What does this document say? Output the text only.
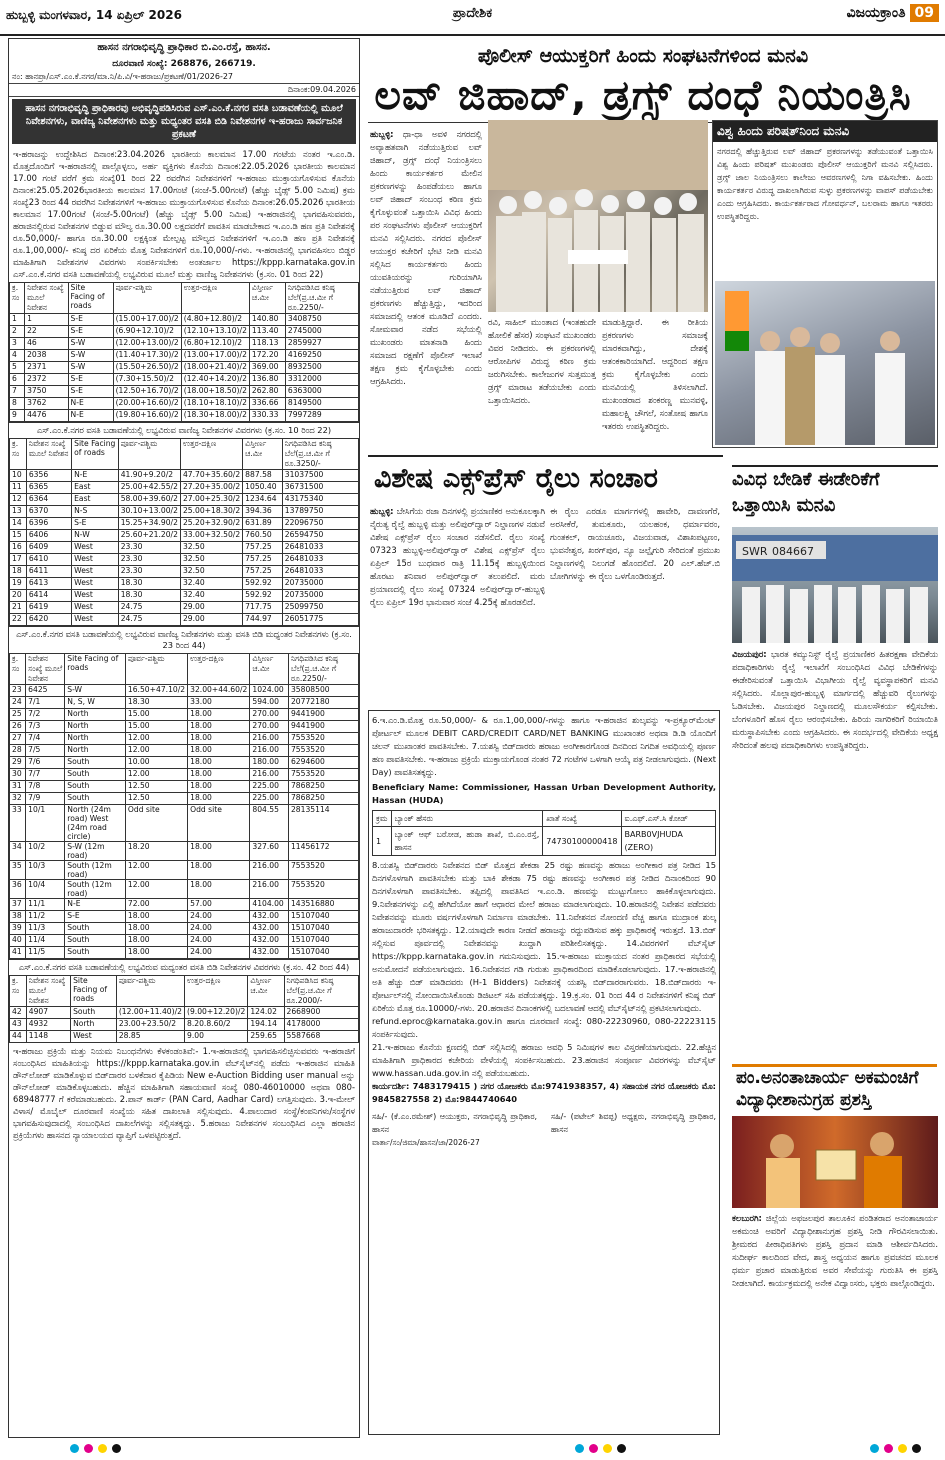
ಹುಬ್ಬಳ್ಳಿ ಮಂಗಳವಾರ, 14 ಏಪ್ರಿಲ್ 2026	ಪ್ರಾದೇಶಿಕ	ವಿಜಯಕ್ರಾಂತಿ 09
ಹಾಸನ ನಗರಾಭಿವೃದ್ಧಿ ಪ್ರಾಧಿಕಾರ ಬಿ.ಎಂ.ರಸ್ತೆ, ಹಾಸನ.
ದೂರವಾಣಿ ಸಂಖ್ಯೆ: 268876, 266719.
ನಂ: ಹಾನಪ್ರಾ/ಎಸ್.ಎಂ.ಕೆ.ನಗರ/ಮಾ.ನಿ/ಪಿ.ವಿ/ಇ-ಹರಾಜು/ಪ್ರಕಟಣೆ/01/2026-27
ದಿನಾಂಕ:09.04.2026
ಹಾಸನ ನಗರಾಭಿವೃದ್ಧಿ ಪ್ರಾಧಿಕಾರವು ಅಭಿವೃದ್ಧಿಪಡಿಸಿರುವ ಎಸ್.ಎಂ.ಕೆ.ನಗರ ವಸತಿ ಬಡಾವಣೆಯಲ್ಲಿ ಮೂಲೆ ನಿವೇಶನಗಳು, ವಾಣಿಜ್ಯ ನಿವೇಶನಗಳು ಮತ್ತು ಮಧ್ಯಂತರ ವಸತಿ ಬಿಡಿ ನಿವೇಶನಗಳ ಇ-ಹರಾಜು ಸಾರ್ವಜನಿಕ ಪ್ರಕಟಣೆ
ಇ-ಹರಾಜನ್ನು ಉದ್ದೇಶಿಸಿದ ದಿನಾಂಕ:23.04.2026 ಭಾರತೀಯ ಕಾಲಮಾನ 17.00 ಗಂಟೆಯ ನಂತರ ಇ.ಎಂ.ಡಿ. ಮೊತ್ತದೊಂದಿಗೆ ಇ-ಹರಾಜಿನಲ್ಲಿ ಪಾಲ್ಗೊಳ್ಳಲು, ಅರ್ಹ ವ್ಯಕ್ತಿಗಳು ಕೊನೆಯ ದಿನಾಂಕ:22.05.2026 ಭಾರತೀಯ ಕಾಲಮಾನ 17.00 ಗಂಟೆ ವರೆಗೆ ಕ್ರಮ ಸಂಖ್ಯೆ01 ರಿಂದ 22 ರವರೆಗಿನ ನಿವೇಶನಗಳಿಗೆ ಇ-ಹರಾಜು ಮುಕ್ತಾಯಗೊಳಿಸುವ ಕೊನೆಯ ದಿನಾಂಕ:25.05.2026ಭಾರತೀಯ ಕಾಲಮಾನ 17.00ಗಂಟೆ (ಸಂಜೆ-5.00ಗಂಟೆ) (ಹೆಚ್ಚು ಬೈಡ್ಸ್ 5.00 ನಿಮಿಷ) ಕ್ರಮ ಸಂಖ್ಯೆ23 ರಿಂದ 44 ರವರೆಗಿನ ನಿವೇಶನಗಳಿಗೆ ಇ-ಹರಾಜು ಮುಕ್ತಾಯಗೊಳಿಸುವ ಕೊನೆಯ ದಿನಾಂಕ:26.05.2026 ಭಾರತೀಯ ಕಾಲಮಾನ 17.00ಗಂಟೆ (ಸಂಜೆ-5.00ಗಂಟೆ) (ಹೆಚ್ಚು ಬೈಡ್ಸ್ 5.00 ನಿಮಿಷ) ಇ-ಹರಾಜಿನಲ್ಲಿ ಭಾಗವಹಿಸುವವರು, ಹರಾಜಿನಲ್ಲಿರುವ ನಿವೇಶನಗಳ ಬಿಡ್ಡುವ ಮೌಲ್ಯ ರೂ.30.00 ಲಕ್ಷದವರೆಗೆ ಪಾವತಿಸ ಮಾಡಬೇಕಾದ ಇ.ಎಂ.ಡಿ ಹಣ ಪ್ರತಿ ನಿವೇಶನಕ್ಕೆ ರೂ.50,000/- ಹಾಗೂ ರೂ.30.00 ಲಕ್ಷಕ್ಕಿಂತ ಮೇಲ್ಪಟ್ಟ ಮೌಲ್ಯದ ನಿವೇಶನಗಳಿಗೆ ಇ.ಎಂ.ಡಿ ಹಣ ಪ್ರತಿ ನಿವೇಶನಕ್ಕೆ ರೂ.1,00,000/- ಕನಿಷ್ಠ ದರ ಏರಿಕೆಯ ಮೊತ್ತ ನಿವೇಶನಗಳಿಗೆ ರೂ.10,000/-ಗಳು. ಇ-ಹರಾಜಿನಲ್ಲಿ ಭಾಗವಹಿಸಲು ಬಿಡ್ಡರ ಮಾಹಿತಿಗಾಗಿ ನಿವೇಶನಗಳ ವಿವರಗಳು ಸಂಪರ್ಕಿಸಬೇಕು ಅಂತರ್ಜಾಲ https://kppp.karnataka.gov.in ಎಸ್.ಎಂ.ಕೆ.ನಗರ ವಸತಿ ಬಡಾವಣೆಯಲ್ಲಿ ಲಭ್ಯವಿರುವ ಮೂಲೆ ಮತ್ತು ವಾಣಿಜ್ಯ ನಿವೇಶನಗಳು (ಕ್ರ.ಸಂ. 01 ರಿಂದ 22)
ಕ್ರ. ಸಂ	ನಿವೇಶನ ಸಂಖ್ಯೆ ಮೂಲೆ ನಿವೇಶನ	Site Facing of roads	ಪೂರ್ವ-ಪಶ್ಚಿಮ	ಉತ್ತರ-ದಕ್ಷಿಣ	ವಿಸ್ತೀರ್ಣ ಚ.ಮೀ	ನಿಗಧಿಪಡಿಸಿದ ಕನಿಷ್ಠ ಬೆಲೆ(ಪ್ರ.ಚ.ಮೀ ಗೆ ರೂ.2250/-
1	1	S-E	(15.00+17.00)/2	(4.80+12.80)/2	140.80	3408750
2	22	S-E	(6.90+12.10)/2	(12.10+13.10)/2	113.40	2745000
3	46	S-W	(12.00+13.00)/2	(6.80+12.10)/2	118.13	2859927
4	2038	S-W	(11.40+17.30)/2	(13.00+17.00)/2	172.20	4169250
5	2371	S-W	(15.50+26.50)/2	(18.00+21.40)/2	369.00	8932500
6	2372	S-E	(7.30+15.50)/2	(12.40+14.20)/2	136.80	3312000
7	3750	S-E	(12.50+16.70)/2	(18.00+18.50)/2	262.80	6363000
8	3762	N-E	(20.00+16.60)/2	(18.10+18.10)/2	336.66	8149500
9	4476	N-E	(19.80+16.60)/2	(18.30+18.00)/2	330.33	7997289
ಎಸ್.ಎಂ.ಕೆ.ನಗರ ವಸತಿ ಬಡಾವಣೆಯಲ್ಲಿ ಲಭ್ಯವಿರುವ ವಾಣಿಜ್ಯ ನಿವೇಶನಗಳ ವಿವರಗಳು (ಕ್ರ.ಸಂ. 10 ರಿಂದ 22)
ಕ್ರ. ಸಂ	ನಿವೇಶನ ಸಂಖ್ಯೆ ಮೂಲೆ ನಿವೇಶನ	Site Facing of roads	ಪೂರ್ವ-ಪಶ್ಚಿಮ	ಉತ್ತರ-ದಕ್ಷಿಣ	ವಿಸ್ತೀರ್ಣ ಚ.ಮೀ	ನಿಗಧಿಪಡಿಸಿದ ಕನಿಷ್ಠ ಬೆಲೆ(ಪ್ರ.ಚ.ಮೀ ಗೆ ರೂ.3250/-
10	6356	N-E	41.90+9.20/2	47.70+35.60/2	887.58	31037500
11	6365	East	25.00+42.55/2	27.20+35.00/2	1050.40	36731500
12	6364	East	58.00+39.60/2	27.00+25.30/2	1234.64	43175340
13	6370	N-S	30.10+13.00/2	25.00+18.30/2	394.36	13789750
14	6396	S-E	15.25+34.90/2	25.20+32.90/2	631.89	22096750
15	6406	N-W	25.60+21.20/2	33.00+32.50/2	760.50	26594750
16	6409	West	23.30	32.50	757.25	26481033
17	6410	West	23.30	32.50	757.25	26481033
18	6411	West	23.30	32.50	757.25	26481033
19	6413	West	18.30	32.40	592.92	20735000
20	6414	West	18.30	32.40	592.92	20735000
21	6419	West	24.75	29.00	717.75	25099750
22	6420	West	24.75	29.00	744.97	26051775
ಎಸ್.ಎಂ.ಕೆ.ನಗರ ವಸತಿ ಬಡಾವಣೆಯಲ್ಲಿ ಲಭ್ಯವಿರುವ ವಾಣಿಜ್ಯ ನಿವೇಶನಗಳು ಮತ್ತು ವಸತಿ ಬಿಡಿ ಮಧ್ಯಂತರ ನಿವೇಶನಗಳು (ಕ್ರ.ಸಂ. 23 ರಿಂದ 44)
ಕ್ರ. ಸಂ	ನಿವೇಶನ ಸಂಖ್ಯೆ ಮೂಲೆ ನಿವೇಶನ	Site Facing of roads	ಪೂರ್ವ-ಪಶ್ಚಿಮ	ಉತ್ತರ-ದಕ್ಷಿಣ	ವಿಸ್ತೀರ್ಣ ಚ.ಮೀ	ನಿಗಧಿಪಡಿಸಿದ ಕನಿಷ್ಠ ಬೆಲೆ(ಪ್ರ.ಚ.ಮೀ ಗೆ ರೂ.2250/-
23	6425	S-W	16.50+47.10/2	32.00+44.60/2	1024.00	35808500
24	7/1	N, S, W	18.30	33.00	594.00	20772180
25	7/2	North	15.00	18.00	270.00	9441900
26	7/3	North	15.00	18.00	270.00	9441900
27	7/4	North	12.00	18.00	216.00	7553520
28	7/5	North	12.00	18.00	216.00	7553520
29	7/6	South	10.00	18.00	180.00	6294600
30	7/7	South	12.00	18.00	216.00	7553520
31	7/8	South	12.50	18.00	225.00	7868250
32	7/9	South	12.50	18.00	225.00	7868250
33	10/1	North (24m road) West (24m road circle)	Odd site	Odd site	804.55	28135114
34	10/2	S-W (12m road)	18.20	18.00	327.60	11456172
35	10/3	South (12m road)	12.00	18.00	216.00	7553520
36	10/4	South (12m road)	12.00	18.00	216.00	7553520
37	11/1	N-E	72.00	57.00	4104.00	143516880
38	11/2	S-E	18.00	24.00	432.00	15107040
39	11/3	South	18.00	24.00	432.00	15107040
40	11/4	South	18.00	24.00	432.00	15107040
41	11/5	South	18.00	24.00	432.00	15107040
ಎಸ್.ಎಂ.ಕೆ.ನಗರ ವಸತಿ ಬಡಾವಣೆಯಲ್ಲಿ ಲಭ್ಯವಿರುವ ಮಧ್ಯಂತರ ವಸತಿ ಬಿಡಿ ನಿವೇಶನಗಳ ವಿವರಗಳು (ಕ್ರ.ಸಂ. 42 ರಿಂದ 44)
ಕ್ರ. ಸಂ	ನಿವೇಶನ ಸಂಖ್ಯೆ ಮೂಲೆ ನಿವೇಶನ	Site Facing of roads	ಪೂರ್ವ-ಪಶ್ಚಿಮ	ಉತ್ತರ-ದಕ್ಷಿಣ	ವಿಸ್ತೀರ್ಣ ಚ.ಮೀ	ನಿಗಧಿಪಡಿಸಿದ ಕನಿಷ್ಠ ಬೆಲೆ(ಪ್ರ.ಚ.ಮೀ ಗೆ ರೂ.2000/-
42	4907	South	(12.00+11.40)/2	(9.00+12.20)/2	124.02	2668900
43	4932	North	23.00+23.50/2	8.20.8.60/2	194.14	4178000
44	1148	West	28.85	9.00	259.65	5587668
ಇ-ಹರಾಜು ಪ್ರಕ್ರಿಯೆ ಮತ್ತು ನಿಯಮ ನಿಬಂಧನೆಗಳು ಕೆಳಕಂಡಂತಿವೆ:- 1.ಇ-ಹರಾಜಿನಲ್ಲಿ ಭಾಗವಹಿಸಲಿಚ್ಛಿಸುವವರು ಇ-ಹರಾಜಿಗೆ ಸಂಬಂಧಿಸಿದ ಮಾಹಿತಿಯನ್ನು https://kppp.karnataka.gov.in ವೆಬ್‌ಸೈಟ್‌ನಲ್ಲಿ ಪಡೆದು ಇ-ಹರಾಜಿನ ಮಾಹಿತಿ ಡೌನ್‌ಲೋಡ್ ಮಾಡಿಕೊಳ್ಳುವ ಬಿಡ್‌ದಾರರ ಬಳಕೆದಾರ ಕೈಪಿಡಿಯ New e-Auction Bidding user manual ಅನ್ನು ಡೌನ್‌ಲೋಡ್ ಮಾಡಿಕೊಳ್ಳಬಹುದು. ಹೆಚ್ಚಿನ ಮಾಹಿತಿಗಾಗಿ ಸಹಾಯವಾಣಿ ಸಂಖ್ಯೆ 080-46010000 ಅಥವಾ 080-68948777 ಗೆ ಕರೆಮಾಡಬಹುದು. 2.ಪಾನ್ ಕಾರ್ಡ್ (PAN Card, Aadhar Card) ಲಗತ್ತಿಸುವುದು. 3.ಇ-ಮೇಲ್ ವಿಳಾಸ/ ಮೊಬೈಲ್ ದೂರವಾಣಿ ಸಂಖ್ಯೆಯ ಸಹಿತ ದಾಖಲಾತಿ ಸಲ್ಲಿಸುವುದು. 4.ಪಾಲುದಾರ ಸಂಸ್ಥೆ/ಕಂಪನಿಗಳು/ಸಂಸ್ಥೆಗಳ ಭಾಗವಹಿಸುವುದಾದಲ್ಲಿ ಸಂಬಂಧಿಸಿದ ದಾಖಲೆಗಳನ್ನು ಸಲ್ಲಿಸತಕ್ಕದ್ದು. 5.ಹರಾಜು ನಿವೇಶನಗಳ ಸಂಬಂಧಿಸಿದ ಎಲ್ಲಾ ಹರಾಜಿನ ಪ್ರಕ್ರಿಯೆಗಳು ಹಾಸನದ ನ್ಯಾಯಾಲಯದ ವ್ಯಾಪ್ತಿಗೆ ಒಳಪಟ್ಟಿರುತ್ತದೆ.
ಪೊಲೀಸ್ ಆಯುಕ್ತರಿಗೆ ಹಿಂದು ಸಂಘಟನೆಗಳಿಂದ ಮನವಿ
ಲವ್ ಜಿಹಾದ್, ಡ್ರಗ್ಸ್ ದಂಧೆ ನಿಯಂತ್ರಿಸಿ
ಹುಬ್ಬಳ್ಳಿ: ಧಾ-ಧಾ ಅವಳಿ ನಗರದಲ್ಲಿ ಅವ್ಯಾಹತವಾಗಿ ನಡೆಯುತ್ತಿರುವ ಲವ್ ಜಿಹಾದ್, ಡ್ರಗ್ಸ್ ದಂಧೆ ನಿಯಂತ್ರಿಸಲು ಹಿಂದು ಕಾರ್ಯಕರ್ತರ ಮೇಲಿನ ಪ್ರಕರಣಗಳನ್ನು ಹಿಂಪಡೆಯಲು ಹಾಗೂ ಲವ್ ಜಿಹಾದ್ ಸಂಬಂಧ ಕಠಿಣ ಕ್ರಮ ಕೈಗೊಳ್ಳುವಂತೆ ಒತ್ತಾಯಿಸಿ ವಿವಿಧ ಹಿಂದು ಪರ ಸಂಘಟನೆಗಳು ಪೊಲೀಸ್ ಆಯುಕ್ತರಿಗೆ ಮನವಿ ಸಲ್ಲಿಸಿದರು. ನಗರದ ಪೊಲೀಸ್ ಆಯುಕ್ತರ ಕಚೇರಿಗೆ ಭೇಟಿ ನೀಡಿ ಮನವಿ ಸಲ್ಲಿಸಿದ ಕಾರ್ಯಕರ್ತರು ಹಿಂದು ಯುವತಿಯರನ್ನು ಗುರಿಯಾಗಿಸಿ ನಡೆಯುತ್ತಿರುವ ಲವ್ ಜಿಹಾದ್ ಪ್ರಕರಣಗಳು ಹೆಚ್ಚುತ್ತಿದ್ದು, ಇದರಿಂದ ಸಮಾಜದಲ್ಲಿ ಆತಂಕ ಮೂಡಿದೆ ಎಂದರು. ಸೋಮವಾರ ನಡೆದ ಸಭೆಯಲ್ಲಿ ಮುಖಂಡರು ಮಾತನಾಡಿ ಹಿಂದು ಸಮಾಜದ ರಕ್ಷಣೆಗೆ ಪೊಲೀಸ್ ಇಲಾಖೆ ತಕ್ಷಣ ಕ್ರಮ ಕೈಗೊಳ್ಳಬೇಕು ಎಂದು ಆಗ್ರಹಿಸಿದರು.
ರವಿ, ಸಾಹಿಲ್ ಮುಂತಾದ (ಇಂತಹುದೇ ಹೋಲಿಕೆ ಹೆಸರ) ಸಂಘಟನೆ ಮುಖಂಡರು ವಿವರ ನೀಡಿದರು. ಈ ಪ್ರಕರಣಗಳಲ್ಲಿ ಆರೋಪಿಗಳ ವಿರುದ್ಧ ಕಠಿಣ ಕ್ರಮ ಜರುಗಿಸಬೇಕು. ಕಾಲೇಜುಗಳ ಸುತ್ತಮುತ್ತ ಡ್ರಗ್ಸ್ ಮಾರಾಟ ತಡೆಯಬೇಕು ಎಂದು ಒತ್ತಾಯಿಸಿದರು.
ಮಾಡುತ್ತಿದ್ದಾರೆ. ಈ ರೀತಿಯ ಪ್ರಕರಣಗಳು ಸಮಾಜಕ್ಕೆ ಮಾರಕವಾಗಿದ್ದು, ದೇಶಕ್ಕೆ ಆತಂಕಕಾರಿಯಾಗಿದೆ. ಆದ್ದರಿಂದ ತಕ್ಷಣ ಕ್ರಮ ಕೈಗೊಳ್ಳಬೇಕು ಎಂದು ಮನವಿಯಲ್ಲಿ ತಿಳಿಸಲಾಗಿದೆ. ಮುಖಂಡರಾದ ಶಂಕರಣ್ಣ ಮುನವಳ್ಳಿ, ಮಹಾಲಕ್ಷ್ಮಿ ಚೌಗಲೆ, ಸಂತೋಷ ಹಾಗೂ ಇತರರು ಉಪಸ್ಥಿತರಿದ್ದರು.
ವಿಶ್ವ ಹಿಂದು ಪರಿಷತ್‌ನಿಂದ ಮನವಿ
ನಗರದಲ್ಲಿ ಹೆಚ್ಚುತ್ತಿರುವ ಲವ್ ಜಿಹಾದ್ ಪ್ರಕರಣಗಳನ್ನು ತಡೆಯುವಂತೆ ಒತ್ತಾಯಿಸಿ ವಿಶ್ವ ಹಿಂದು ಪರಿಷತ್ ಮುಖಂಡರು ಪೊಲೀಸ್ ಆಯುಕ್ತರಿಗೆ ಮನವಿ ಸಲ್ಲಿಸಿದರು. ಡ್ರಗ್ಸ್ ಜಾಲ ನಿಯಂತ್ರಿಸಲು ಕಾಲೇಜು ಆವರಣಗಳಲ್ಲಿ ನಿಗಾ ವಹಿಸಬೇಕು. ಹಿಂದು ಕಾರ್ಯಕರ್ತರ ವಿರುದ್ಧ ದಾಖಲಾಗಿರುವ ಸುಳ್ಳು ಪ್ರಕರಣಗಳನ್ನು ವಾಪಸ್ ಪಡೆಯಬೇಕು ಎಂದು ಆಗ್ರಹಿಸಿದರು. ಕಾರ್ಯಕರ್ತರಾದ ಗೋವರ್ಧನ್, ಬಲರಾಮ ಹಾಗೂ ಇತರರು ಉಪಸ್ಥಿತರಿದ್ದರು.
ವಿಶೇಷ ಎಕ್ಸ್‌ಪ್ರೆಸ್ ರೈಲು ಸಂಚಾರ
ಹುಬ್ಬಳ್ಳಿ: ಬೇಸಿಗೆಯ ರಜಾ ದಿನಗಳಲ್ಲಿ ಪ್ರಯಾಣಿಕರ ಅನುಕೂಲಕ್ಕಾಗಿ ನೈರುತ್ಯ ರೈಲ್ವೆ ಹುಬ್ಬಳ್ಳಿ ಮತ್ತು ಅಲಿಪುರ್‌ದ್ವಾರ್ ನಿಲ್ದಾಣಗಳ ನಡುವೆ ವಿಶೇಷ ಎಕ್ಸ್‌ಪ್ರೆಸ್ ರೈಲು ಸಂಚಾರ ನಡೆಸಲಿದೆ. ರೈಲು ಸಂಖ್ಯೆ 07323 ಹುಬ್ಬಳ್ಳಿ-ಅಲಿಪುರ್‌ದ್ವಾರ್ ವಿಶೇಷ ಎಕ್ಸ್‌ಪ್ರೆಸ್ ರೈಲು ಏಪ್ರಿಲ್ 15ರ ಬುಧವಾರ ರಾತ್ರಿ 11.15ಕ್ಕೆ ಹುಬ್ಬಳ್ಳಿಯಿಂದ ಹೊರಟು ಶನಿವಾರ ಅಲಿಪುರ್‌ದ್ವಾರ್ ತಲುಪಲಿದೆ. ಮರು ಪ್ರಯಾಣದಲ್ಲಿ ರೈಲು ಸಂಖ್ಯೆ 07324 ಅಲಿಪುರ್‌ದ್ವಾರ್-ಹುಬ್ಬಳ್ಳಿ ರೈಲು ಏಪ್ರಿಲ್ 19ರ ಭಾನುವಾರ ಸಂಜೆ 4.25ಕ್ಕೆ ಹೊರಡಲಿದೆ.
ಈ ರೈಲು ಎರಡೂ ಮಾರ್ಗಗಳಲ್ಲಿ ಹಾವೇರಿ, ದಾವಣಗೆರೆ, ಅರಸೀಕೆರೆ, ತುಮಕೂರು, ಯಲಹಂಕ, ಧರ್ಮಾವರಂ, ಗುಂತಕಲ್, ರಾಯಚೂರು, ವಿಜಯವಾಡ, ವಿಶಾಖಪಟ್ಟಣಂ, ಭುವನೇಶ್ವರ, ಖರಗ್‌ಪುರ, ನ್ಯೂ ಜಲ್ಪೈಗುರಿ ಸೇರಿದಂತೆ ಪ್ರಮುಖ ನಿಲ್ದಾಣಗಳಲ್ಲಿ ನಿಲುಗಡೆ ಹೊಂದಲಿದೆ. 20 ಎಲ್.ಹೆಚ್.ಬಿ ಬೋಗಿಗಳನ್ನು ಈ ರೈಲು ಒಳಗೊಂಡಿರುತ್ತದೆ.
6.ಇ.ಎಂ.ಡಿ.ಮೊತ್ತ ರೂ.50,000/- & ರೂ.1,00,000/-ಗಳನ್ನು ಹಾಗೂ ಇ-ಹರಾಜಿನ ಶುಲ್ಕವನ್ನು ಇ-ಪ್ರಕ್ಯೂರ್‌ಮೆಂಟ್ ಪೋರ್ಟಲ್ ಮೂಲಕ DEBIT CARD/CREDIT CARD/NET BANKING ಮುಖಾಂತರ ಅಥವಾ ಡಿ.ಡಿ ಯೊಂದಿಗೆ ಚಲನ್ ಮುಖಾಂತರ ಪಾವತಿಸಬೇಕು. 7.ಯಶಸ್ವಿ ಬಿಡ್‌ದಾರರು ಹರಾಜು ಅಂಗೀಕಾರಗೊಂಡ ದಿನದಿಂದ ನಿಗದಿತ ಅವಧಿಯಲ್ಲಿ ಪೂರ್ಣ ಹಣ ಪಾವತಿಸಬೇಕು. ಇ-ಹರಾಜು ಪ್ರಕ್ರಿಯೆ ಮುಕ್ತಾಯಗೊಂಡ ನಂತರ 72 ಗಂಟೆಗಳ ಒಳಗಾಗಿ ಆಯ್ಕೆ ಪತ್ರ ನೀಡಲಾಗುವುದು. (Next Day) ಪಾವತಿಸತಕ್ಕದ್ದು.
Beneficiary Name: Commissioner, Hassan Urban Development Authority, Hassan (HUDA)
ಕ್ರಮ	ಬ್ಯಾಂಕ್ ಹೆಸರು	ಖಾತೆ ಸಂಖ್ಯೆ	ಐ.ಎಫ್.ಎಸ್.ಸಿ ಕೋಡ್
1	ಬ್ಯಾಂಕ್ ಆಫ್ ಬರೋಡ, ಹುಡಾ ಶಾಖೆ, ಬಿ.ಎಂ.ರಸ್ತೆ, ಹಾಸನ	74730100000418	BARB0VJHUDA (ZERO)
8.ಯಶಸ್ವಿ ಬಿಡ್‌ದಾರರು ನಿವೇಶನದ ಬಿಡ್ ಮೊತ್ತದ ಶೇಕಡಾ 25 ರಷ್ಟು ಹಣವನ್ನು ಹರಾಜು ಅಂಗೀಕಾರ ಪತ್ರ ನೀಡಿದ 15 ದಿನಗಳೊಳಗಾಗಿ ಪಾವತಿಸಬೇಕು ಮತ್ತು ಬಾಕಿ ಶೇಕಡಾ 75 ರಷ್ಟು ಹಣವನ್ನು ಅಂಗೀಕಾರ ಪತ್ರ ನೀಡಿದ ದಿನಾಂಕದಿಂದ 90 ದಿನಗಳೊಳಗಾಗಿ ಪಾವತಿಸಬೇಕು. ತಪ್ಪಿದಲ್ಲಿ ಪಾವತಿಸಿದ ಇ.ಎಂ.ಡಿ. ಹಣವನ್ನು ಮುಟ್ಟುಗೋಲು ಹಾಕಿಕೊಳ್ಳಲಾಗುವುದು. 9.ನಿವೇಶನಗಳನ್ನು ಎಲ್ಲಿ ಹೇಗಿದೆಯೋ ಹಾಗೆ ಆಧಾರದ ಮೇಲೆ ಹರಾಜು ಮಾಡಲಾಗುವುದು. 10.ಹರಾಜಿನಲ್ಲಿ ನಿವೇಶನ ಪಡೆದವರು ನಿವೇಶನವನ್ನು ಮೂರು ವರ್ಷಗಳೊಳಗಾಗಿ ನಿರ್ಮಾಣ ಮಾಡಬೇಕು. 11.ನಿವೇಶನದ ನೋಂದಣಿ ವೆಚ್ಚ ಹಾಗೂ ಮುದ್ರಾಂಕ ಶುಲ್ಕ ಹರಾಜುದಾರರೇ ಭರಿಸತಕ್ಕದ್ದು. 12.ಯಾವುದೇ ಕಾರಣ ನೀಡದೆ ಹರಾಜನ್ನು ರದ್ದುಪಡಿಸುವ ಹಕ್ಕು ಪ್ರಾಧಿಕಾರಕ್ಕೆ ಇರುತ್ತದೆ. 13.ಬಿಡ್ ಸಲ್ಲಿಸುವ ಪೂರ್ವದಲ್ಲಿ ನಿವೇಶನವನ್ನು ಖುದ್ದಾಗಿ ಪರಿಶೀಲಿಸತಕ್ಕದ್ದು. 14.ವಿವರಗಳಿಗೆ ವೆಬ್‌ಸೈಟ್ https://kppp.karnataka.gov.in ಗಮನಿಸುವುದು. 15.ಇ-ಹರಾಜು ಮುಕ್ತಾಯದ ನಂತರ ಪ್ರಾಧಿಕಾರದ ಸಭೆಯಲ್ಲಿ ಅನುಮೋದನೆ ಪಡೆಯಲಾಗುವುದು. 16.ನಿವೇಶನದ ಗಡಿ ಗುರುತು ಪ್ರಾಧಿಕಾರದಿಂದ ಮಾಡಿಕೊಡಲಾಗುವುದು. 17.ಇ-ಹರಾಜಿನಲ್ಲಿ ಅತಿ ಹೆಚ್ಚು ಬಿಡ್ ಮಾಡಿದವರು (H-1 Bidders) ನಿವೇಶನಕ್ಕೆ ಯಶಸ್ವಿ ಬಿಡ್‌ದಾರರಾಗುವರು. 18.ಬಿಡ್‌ದಾರರು ಇ-ಪೋರ್ಟಲ್‌ನಲ್ಲಿ ನೋಂದಾಯಿಸಿಕೊಂಡು ಡಿಜಿಟಲ್ ಸಹಿ ಪಡೆಯತಕ್ಕದ್ದು. 19.ಕ್ರ.ಸಂ. 01 ರಿಂದ 44 ರ ನಿವೇಶನಗಳಿಗೆ ಕನಿಷ್ಠ ಬಿಡ್ ಏರಿಕೆಯ ಮೊತ್ತ ರೂ.10000/-ಗಳು. 20.ಹರಾಜಿನ ದಿನಾಂಕಗಳಲ್ಲಿ ಬದಲಾವಣೆ ಆದಲ್ಲಿ ವೆಬ್‌ಸೈಟ್‌ನಲ್ಲಿ ಪ್ರಕಟಿಸಲಾಗುವುದು.
refund.eproc@karnataka.gov.in ಹಾಗೂ ದೂರವಾಣಿ ಸಂಖ್ಯೆ: 080-22230960, 080-22223115 ಸಂಪರ್ಕಿಸುವುದು.
21.ಇ-ಹರಾಜು ಕೊನೆಯ ಕ್ಷಣದಲ್ಲಿ ಬಿಡ್ ಸಲ್ಲಿಸಿದಲ್ಲಿ ಹರಾಜು ಅವಧಿ 5 ನಿಮಿಷಗಳ ಕಾಲ ವಿಸ್ತರಣೆಯಾಗುವುದು. 22.ಹೆಚ್ಚಿನ ಮಾಹಿತಿಗಾಗಿ ಪ್ರಾಧಿಕಾರದ ಕಚೇರಿಯ ವೇಳೆಯಲ್ಲಿ ಸಂಪರ್ಕಿಸಬಹುದು. 23.ಹರಾಜಿನ ಸಂಪೂರ್ಣ ವಿವರಗಳನ್ನು ವೆಬ್‌ಸೈಟ್ www.hassan.uda.gov.in ನಲ್ಲಿ ಪಡೆಯಬಹುದು.
ಕಾರ್ಯದರ್ಶಿ: 7483179415 ) ನಗರ ಯೋಜಕರು ಮೊ:9741938357, 4) ಸಹಾಯಕ ನಗರ ಯೋಜಕರು ಮೊ: 9845827558 2) ಮೊ:9844740640
ಸಹಿ/- (ಕೆ.ಎಂ.ರಮೇಶ್) ಆಯುಕ್ತರು, ನಗರಾಭಿವೃದ್ಧಿ ಪ್ರಾಧಿಕಾರ, ಹಾಸನ
ಸಹಿ/- (ಪಟೇಲ್ ಶಿವಪ್ಪ) ಅಧ್ಯಕ್ಷರು, ನಗರಾಭಿವೃದ್ಧಿ ಪ್ರಾಧಿಕಾರ, ಹಾಸನ
ವಾರ್ತಾ/ಸಂ/ಜಿಮಾ/ಹಾಸನ/ಜಾ/2026-27
ವಿವಿಧ ಬೇಡಿಕೆ ಈಡೇರಿಕೆಗೆ ಒತ್ತಾಯಿಸಿ ಮನವಿ
SWR 084667
ವಿಜಯಪುರ: ಭಾರತ ಕಮ್ಯುನಿಸ್ಟ್ ರೈಲ್ವೆ ಪ್ರಯಾಣಿಕರ ಹಿತರಕ್ಷಣಾ ವೇದಿಕೆಯ ಪದಾಧಿಕಾರಿಗಳು ರೈಲ್ವೆ ಇಲಾಖೆಗೆ ಸಂಬಂಧಿಸಿದ ವಿವಿಧ ಬೇಡಿಕೆಗಳನ್ನು ಈಡೇರಿಸುವಂತೆ ಒತ್ತಾಯಿಸಿ ವಿಭಾಗೀಯ ರೈಲ್ವೆ ವ್ಯವಸ್ಥಾಪಕರಿಗೆ ಮನವಿ ಸಲ್ಲಿಸಿದರು. ಸೊಲ್ಲಾಪುರ-ಹುಬ್ಬಳ್ಳಿ ಮಾರ್ಗದಲ್ಲಿ ಹೆಚ್ಚುವರಿ ರೈಲುಗಳನ್ನು ಓಡಿಸಬೇಕು. ವಿಜಯಪುರ ನಿಲ್ದಾಣದಲ್ಲಿ ಮೂಲಸೌಕರ್ಯ ಕಲ್ಪಿಸಬೇಕು. ಬೆಂಗಳೂರಿಗೆ ಹೊಸ ರೈಲು ಆರಂಭಿಸಬೇಕು. ಹಿರಿಯ ನಾಗರಿಕರಿಗೆ ರಿಯಾಯಿತಿ ಮರುಸ್ಥಾಪಿಸಬೇಕು ಎಂದು ಆಗ್ರಹಿಸಿದರು. ಈ ಸಂದರ್ಭದಲ್ಲಿ ವೇದಿಕೆಯ ಅಧ್ಯಕ್ಷ ಸೇರಿದಂತೆ ಹಲವು ಪದಾಧಿಕಾರಿಗಳು ಉಪಸ್ಥಿತರಿದ್ದರು.
ಪಂ.ಅನಂತಾಚಾರ್ಯ ಅಕಮಂಚಿಗೆ ವಿದ್ಯಾಧೀಶಾನುಗ್ರಹ ಪ್ರಶಸ್ತಿ
ಕಲಬುರಗಿ: ಜಿಲ್ಲೆಯ ಅಫಜಲಪುರ ತಾಲೂಕಿನ ಪಂಡಿತರಾದ ಅನಂತಾಚಾರ್ಯ ಅಕಮಂಚಿ ಅವರಿಗೆ ವಿದ್ಯಾಧೀಶಾನುಗ್ರಹ ಪ್ರಶಸ್ತಿ ನೀಡಿ ಗೌರವಿಸಲಾಯಿತು. ಶ್ರೀಮಠದ ಪೀಠಾಧಿಪತಿಗಳು ಪ್ರಶಸ್ತಿ ಪ್ರದಾನ ಮಾಡಿ ಆಶೀರ್ವದಿಸಿದರು. ಸುದೀರ್ಘ ಕಾಲದಿಂದ ವೇದ, ಶಾಸ್ತ್ರ ಅಧ್ಯಯನ ಹಾಗೂ ಪ್ರವಚನದ ಮೂಲಕ ಧರ್ಮ ಪ್ರಚಾರ ಮಾಡುತ್ತಿರುವ ಅವರ ಸೇವೆಯನ್ನು ಗುರುತಿಸಿ ಈ ಪ್ರಶಸ್ತಿ ನೀಡಲಾಗಿದೆ. ಕಾರ್ಯಕ್ರಮದಲ್ಲಿ ಅನೇಕ ವಿದ್ವಾಂಸರು, ಭಕ್ತರು ಪಾಲ್ಗೊಂಡಿದ್ದರು.
